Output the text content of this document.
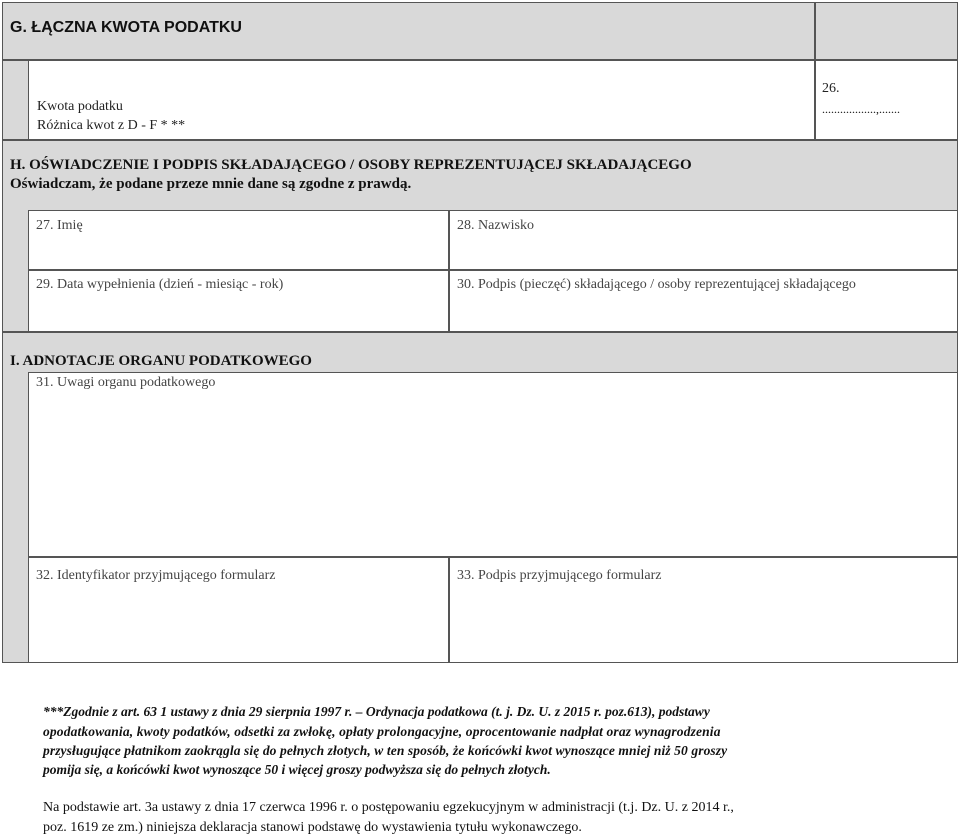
G. ŁĄCZNA KWOTA PODATKU
Kwota podatku
Różnica kwot z D - F * **
26.
..................,.......
H. OŚWIADCZENIE I PODPIS SKŁADAJĄCEGO / OSOBY REPREZENTUJĄCEJ SKŁADAJĄCEGO
Oświadczam, że podane przeze mnie dane są zgodne z prawdą.
27. Imię	28. Nazwisko
29. Data wypełnienia (dzień - miesiąc - rok)	30. Podpis (pieczęć) składającego / osoby reprezentującej składającego
I. ADNOTACJE ORGANU PODATKOWEGO
31. Uwagi organu podatkowego
32. Identyfikator przyjmującego formularz	33. Podpis przyjmującego formularz
***Zgodnie z art. 63 1 ustawy z dnia 29 sierpnia 1997 r. – Ordynacja podatkowa (t. j. Dz. U. z 2015 r. poz.613), podstawy
opodatkowania, kwoty podatków, odsetki za zwłokę, opłaty prolongacyjne, oprocentowanie nadpłat oraz wynagrodzenia
przysługujące płatnikom zaokrągla się do pełnych złotych, w ten sposób, że końcówki kwot wynoszące mniej niż 50 groszy
pomija się, a końcówki kwot wynoszące 50 i więcej groszy podwyższa się do pełnych złotych.
Na podstawie art. 3a ustawy z dnia 17 czerwca 1996 r. o postępowaniu egzekucyjnym w administracji (t.j. Dz. U. z 2014 r.,
poz. 1619 ze zm.) niniejsza deklaracja stanowi podstawę do wystawienia tytułu wykonawczego.
